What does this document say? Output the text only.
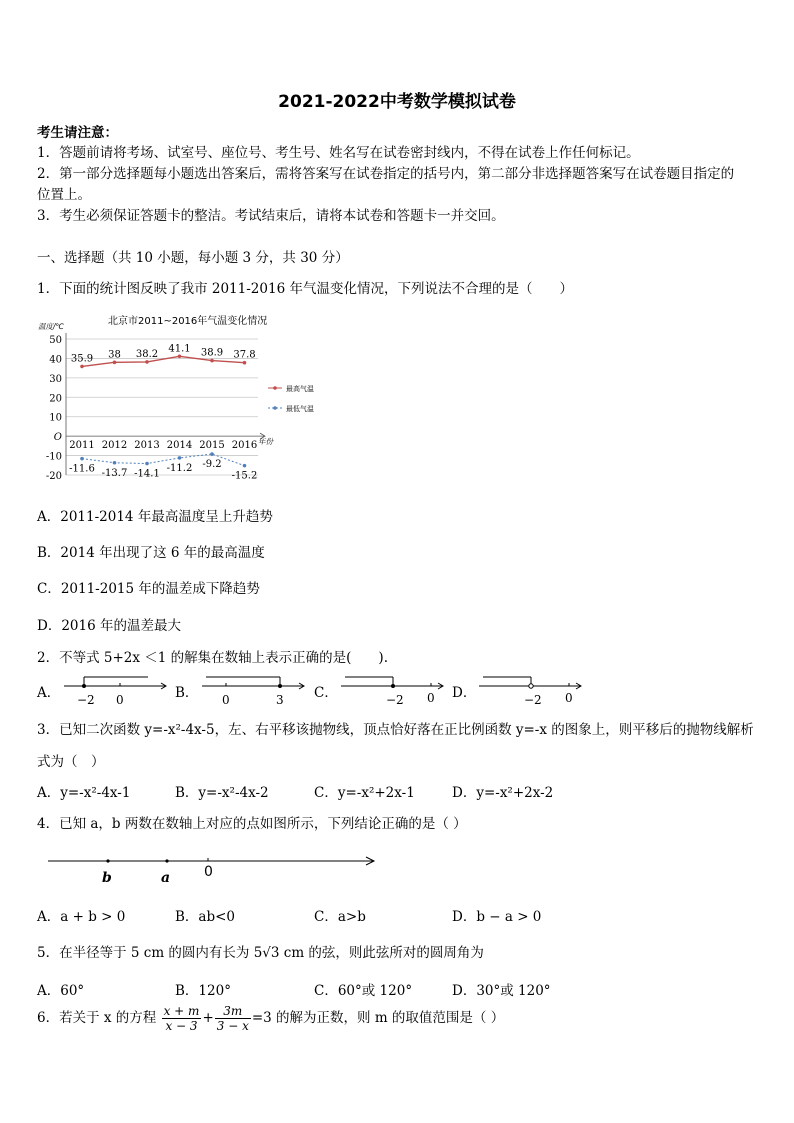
2021-2022中考数学模拟试卷
考生请注意：
1．答题前请将考场、试室号、座位号、考生号、姓名写在试卷密封线内，不得在试卷上作任何标记。
2．第一部分选择题每小题选出答案后，需将答案写在试卷指定的括号内，第二部分非选择题答案写在试卷题目指定的
位置上。
3．考生必须保证答题卡的整洁。考试结束后，请将本试卷和答题卡一并交回。
一、选择题（共 10 小题，每小题 3 分，共 30 分）
1．下面的统计图反映了我市 2011-2016 年气温变化情况，下列说法不合理的是（　　）
北京市2011~2016年气温变化情况
温度/℃
年份
50
40
30
20
10
O
-10
-20
2011 2012 2013 2014 2015 2016
35.9 38 38.2
41.1 38.9 37.8
-11.6 -13.7 -14.1
-11.2 -9.2
-15.2
最高气温
最低气温
A．2011-2014 年最高温度呈上升趋势
B．2014 年出现了这 6 年的最高温度
C．2011-2015 年的温差成下降趋势
D．2016 年的温差最大
2．不等式 5+2x ＜1 的解集在数轴上表示正确的是(　　).
A． −2 0	B． 0	3 C．	−2 0 D．	−2 0
3．已知二次函数 y=-x²-4x-5，左、右平移该抛物线，顶点恰好落在正比例函数 y=-x 的图象上，则平移后的抛物线解析
式为（　）
A．y=-x²-4x-1	B．y=-x²-4x-2	C．y=-x²+2x-1	D．y=-x²+2x-2
4．已知 a，b 两数在数轴上对应的点如图所示，下列结论正确的是（ ）
b	a 0
A．a + b > 0	B．ab<0	C．a>b	D．b − a > 0
5．在半径等于 5 cm 的圆内有长为 5√3 cm 的弦，则此弦所对的圆周角为
A．60°	B．120°	C．60°或 120°	D．30°或 120°
6．若关于 x 的方程 $\frac{x + m}{x - 3} + \frac{3m}{3 - x} =3$ 的解为正数，则 m 的取值范围是（ ）
